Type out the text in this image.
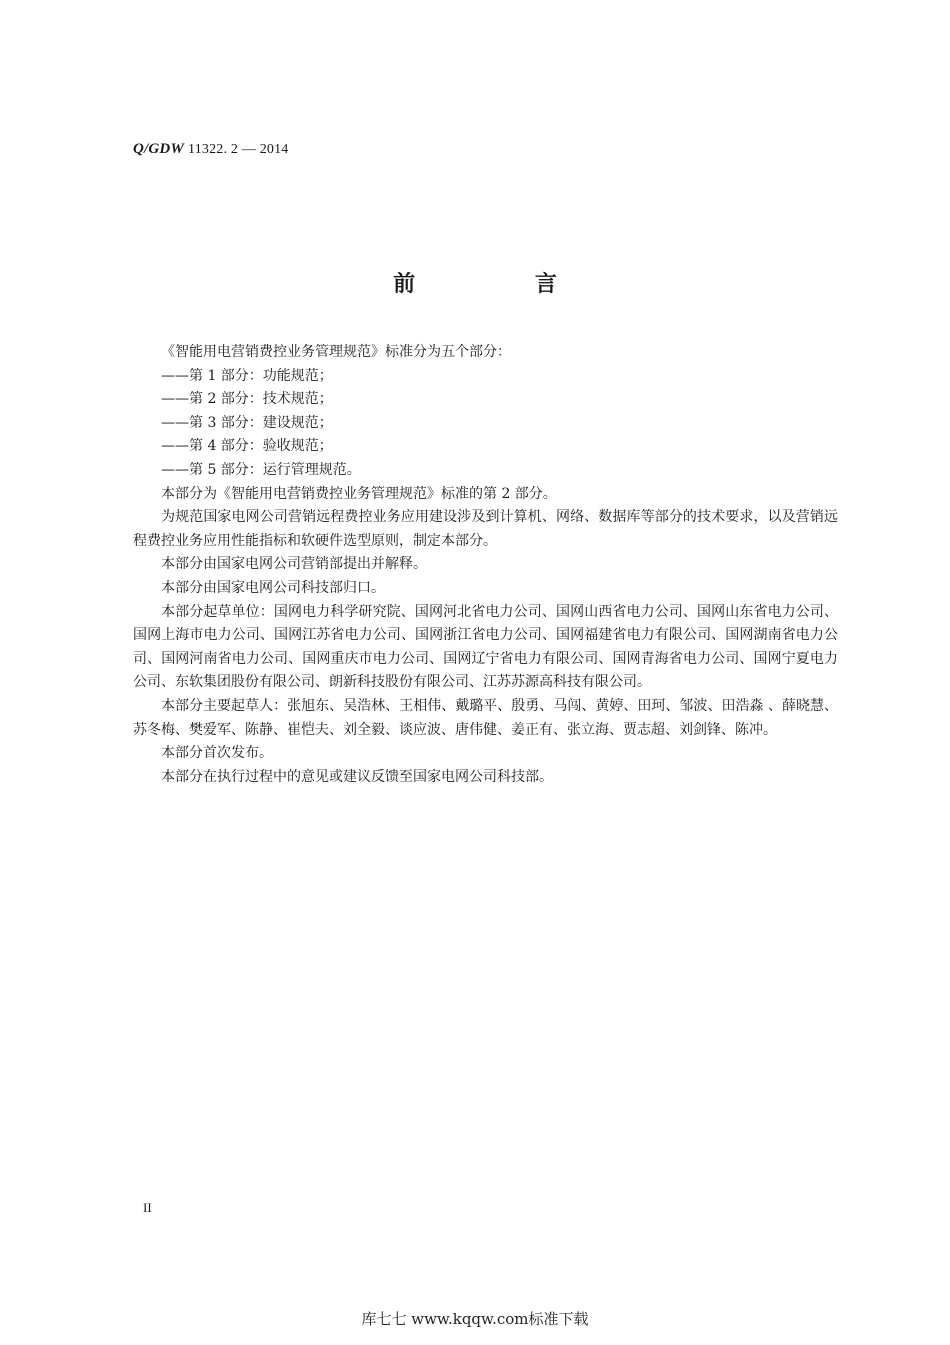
Q/GDW 11322. 2 — 2014
前 言

《智能用电营销费控业务管理规范》标准分为五个部分：

——第 1 部分：功能规范；

——第 2 部分：技术规范；

——第 3 部分：建设规范；

——第 4 部分：验收规范；

——第 5 部分：运行管理规范。

本部分为《智能用电营销费控业务管理规范》标准的第 2 部分。

为规范国家电网公司营销远程费控业务应用建设涉及到计算机、网络、数据库等部分的技术要求，以及营销远程费控业务应用性能指标和软硬件选型原则，制定本部分。

本部分由国家电网公司营销部提出并解释。

本部分由国家电网公司科技部归口。

本部分起草单位：国网电力科学研究院、国网河北省电力公司、国网山西省电力公司、国网山东省电力公司、国网上海市电力公司、国网江苏省电力公司、国网浙江省电力公司、国网福建省电力有限公司、国网湖南省电力公司、国网河南省电力公司、国网重庆市电力公司、国网辽宁省电力有限公司、国网青海省电力公司、国网宁夏电力公司、东软集团股份有限公司、朗新科技股份有限公司、江苏苏源高科技有限公司。

本部分主要起草人：张旭东、吴浩林、王相伟、戴璐平、殷勇、马闯、黄婷、田珂、邹波、田浩淼 、薛晓慧、苏冬梅、樊爱军、陈静、崔恺夫、刘全毅、谈应波、唐伟健、姜正有、张立海、贾志超、刘剑锋、陈冲。

本部分首次发布。

本部分在执行过程中的意见或建议反馈至国家电网公司科技部。

II
库七七 www.kqqw.com标准下载
